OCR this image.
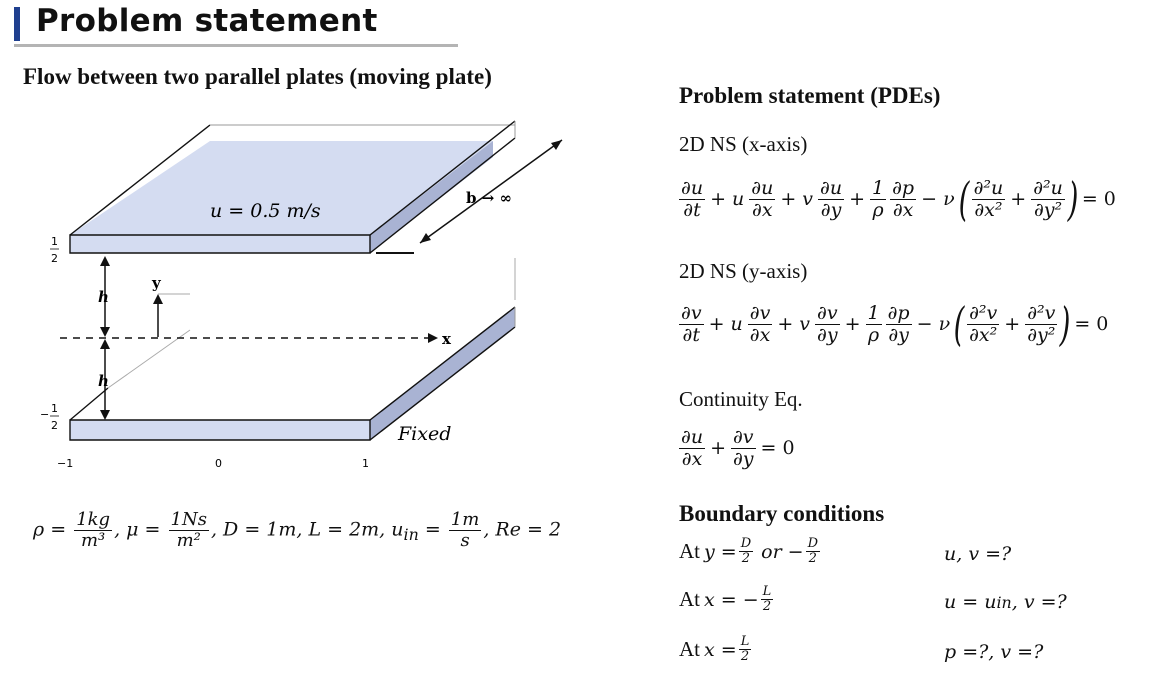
Problem statement
Flow between two parallel plates (moving plate)
u = 0.5 m/s
b → ∞
Fixed
x
y
h
h
1
2
− 1
2
−1	0	1
$\rho = \frac{1kg}{\text{m³}}$ , $\mu = \frac{1Ns}{\text{m²}}$ , D = 1m, L = 2m, $u_{in} = \frac{1m}{s}$ , Re = 2
Problem statement (PDEs)
2D NS (x-axis)
$\frac{\partial u}{\partial t} + u \frac{\partial u}{\partial x} + v \frac{\partial u}{\partial y} + \frac{1}{\rho} \frac{\partial p}{\partial x} - \nu$ ( $\frac{\text{∂²u}}{\text{∂x²}} + \frac{\text{∂²u}}{\text{∂y²}}$ ) = 0
2D NS (y-axis)
$\frac{\partial v}{\partial t} + u \frac{\partial v}{\partial x} + v \frac{\partial v}{\partial y} + \frac{1}{\rho} \frac{\partial p}{\partial y} - \nu$ ( $\frac{\text{∂²v}}{\text{∂x²}} + \frac{\text{∂²v}}{\text{∂y²}}$ ) = 0
Continuity Eq.
$\frac{\partial u}{\partial x} + \frac{\partial v}{\partial y} = 0$
Boundary conditions
At $y = \frac{D}{2}$ or − $\frac{D}{2}$	u, v =?
At x = − $\frac{L}{2}$	u = u in , v =?
At $x = \frac{L}{2}$	p =?, v =?
